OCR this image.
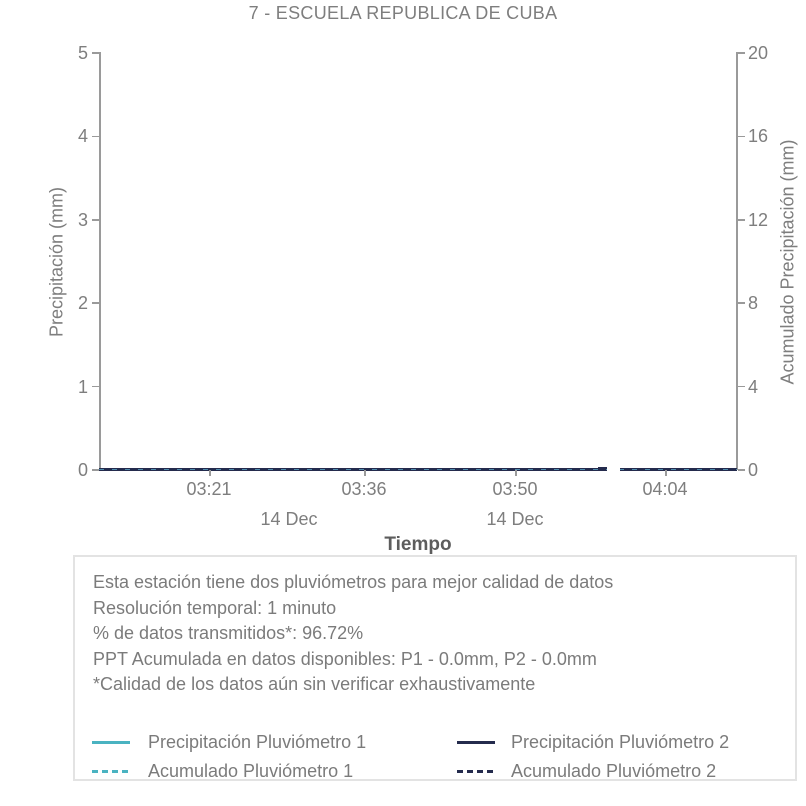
7 - ESCUELA REPUBLICA DE CUBA
5
4
3
2
1
0
20
16
12
8
4
0
Precipitación (mm)	Acumulado Precipitación (mm)
03:21	03:36	03:50	04:04
14 Dec	14 Dec
Tiempo
Esta estación tiene dos pluviómetros para mejor calidad de datos
Resolución temporal: 1 minuto
% de datos transmitidos*: 96.72%
PPT Acumulada en datos disponibles: P1 - 0.0mm, P2 - 0.0mm
*Calidad de los datos aún sin verificar exhaustivamente
Precipitación Pluviómetro 1	Precipitación Pluviómetro 2
Acumulado Pluviómetro 1	Acumulado Pluviómetro 2
